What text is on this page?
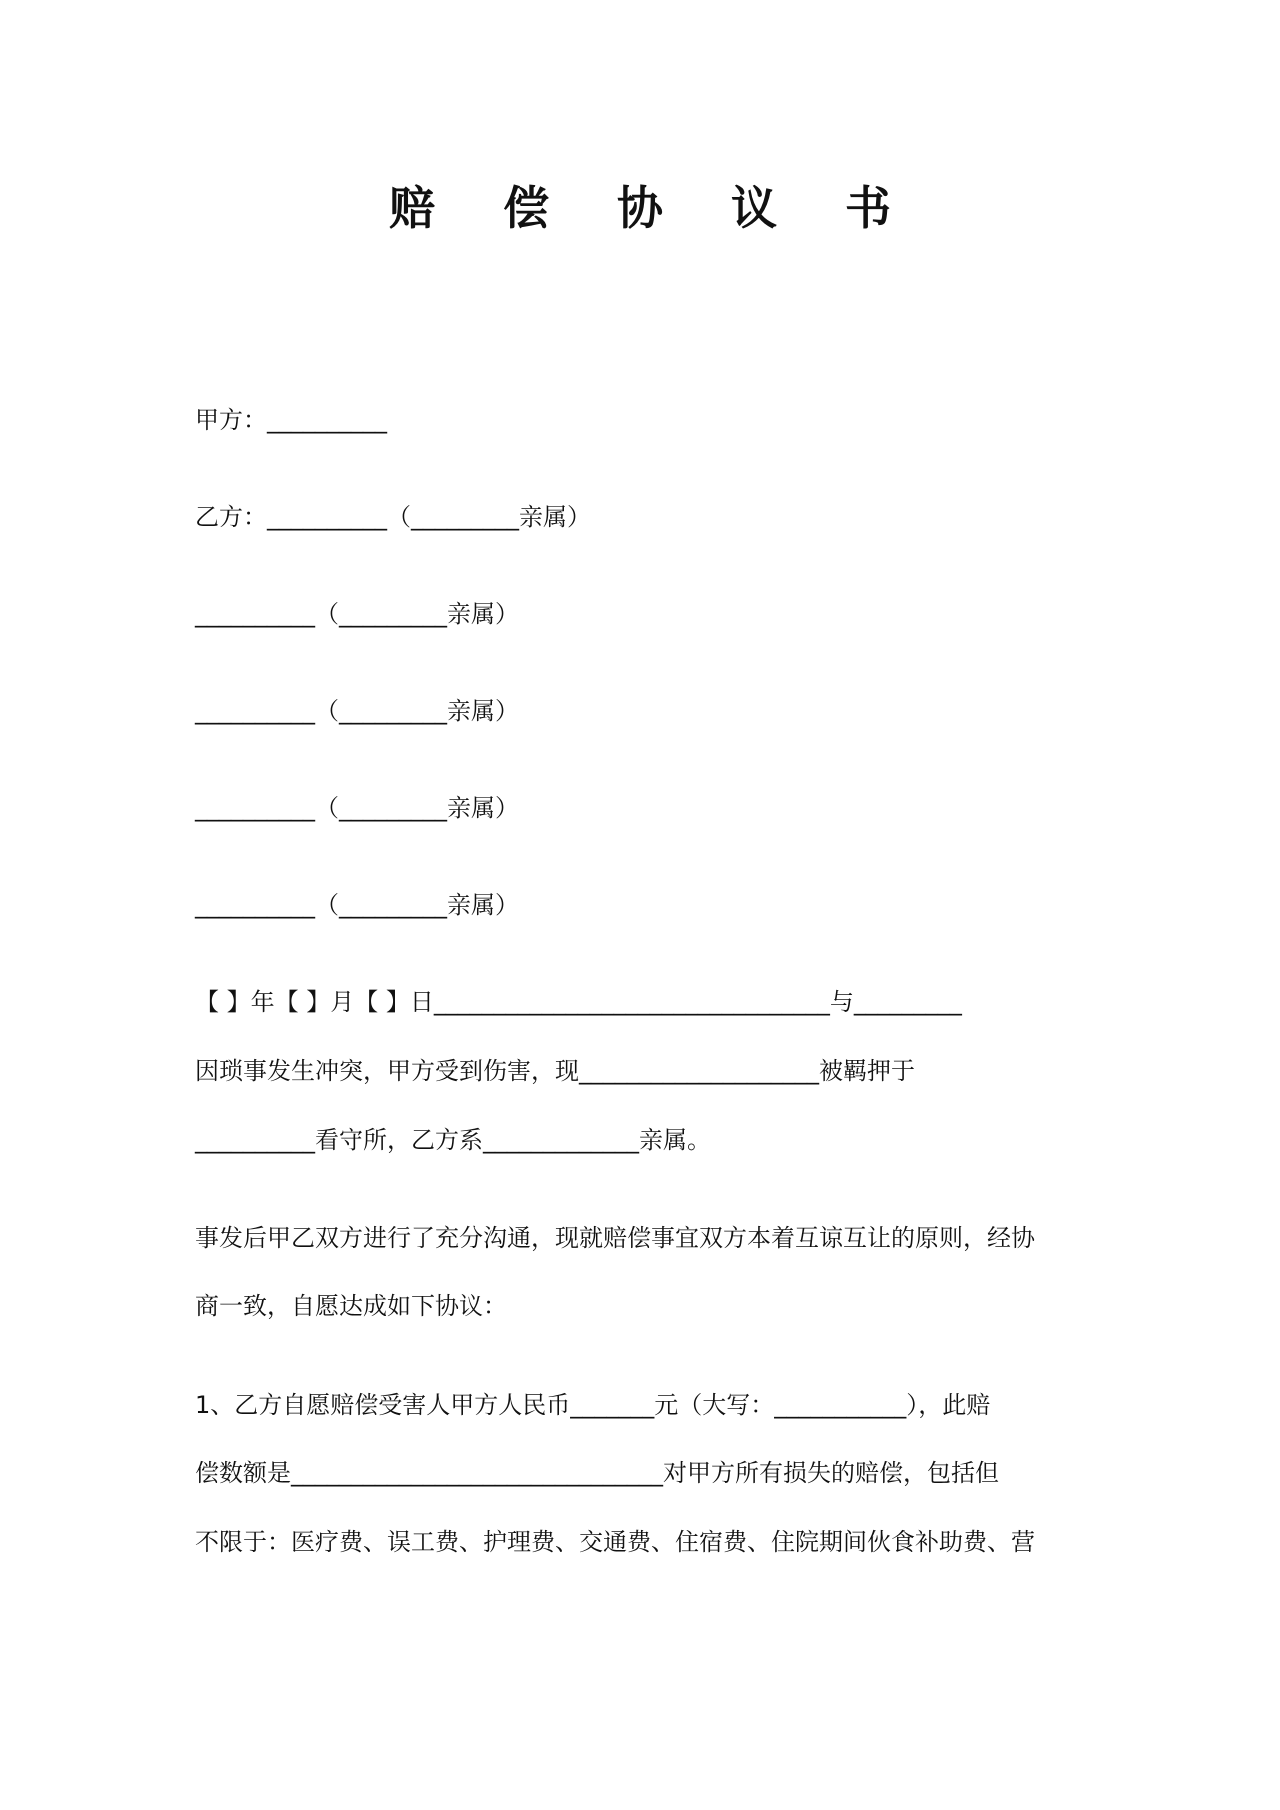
赔 偿 协 议 书
甲方：__________
乙方：__________（_________亲属）
__________（_________亲属）
__________（_________亲属）
__________（_________亲属）
__________（_________亲属）
【 】年【 】月【 】日_________________________________与_________
因琐事发生冲突，甲方受到伤害，现____________________被羁押于
__________看守所，乙方系_____________亲属。
事发后甲乙双方进行了充分沟通，现就赔偿事宜双方本着互谅互让的原则，经协
商一致，自愿达成如下协议：
1、乙方自愿赔偿受害人甲方人民币_______元（大写：___________），此赔
偿数额是_______________________________对甲方所有损失的赔偿，包括但
不限于：医疗费、误工费、护理费、交通费、住宿费、住院期间伙食补助费、营
